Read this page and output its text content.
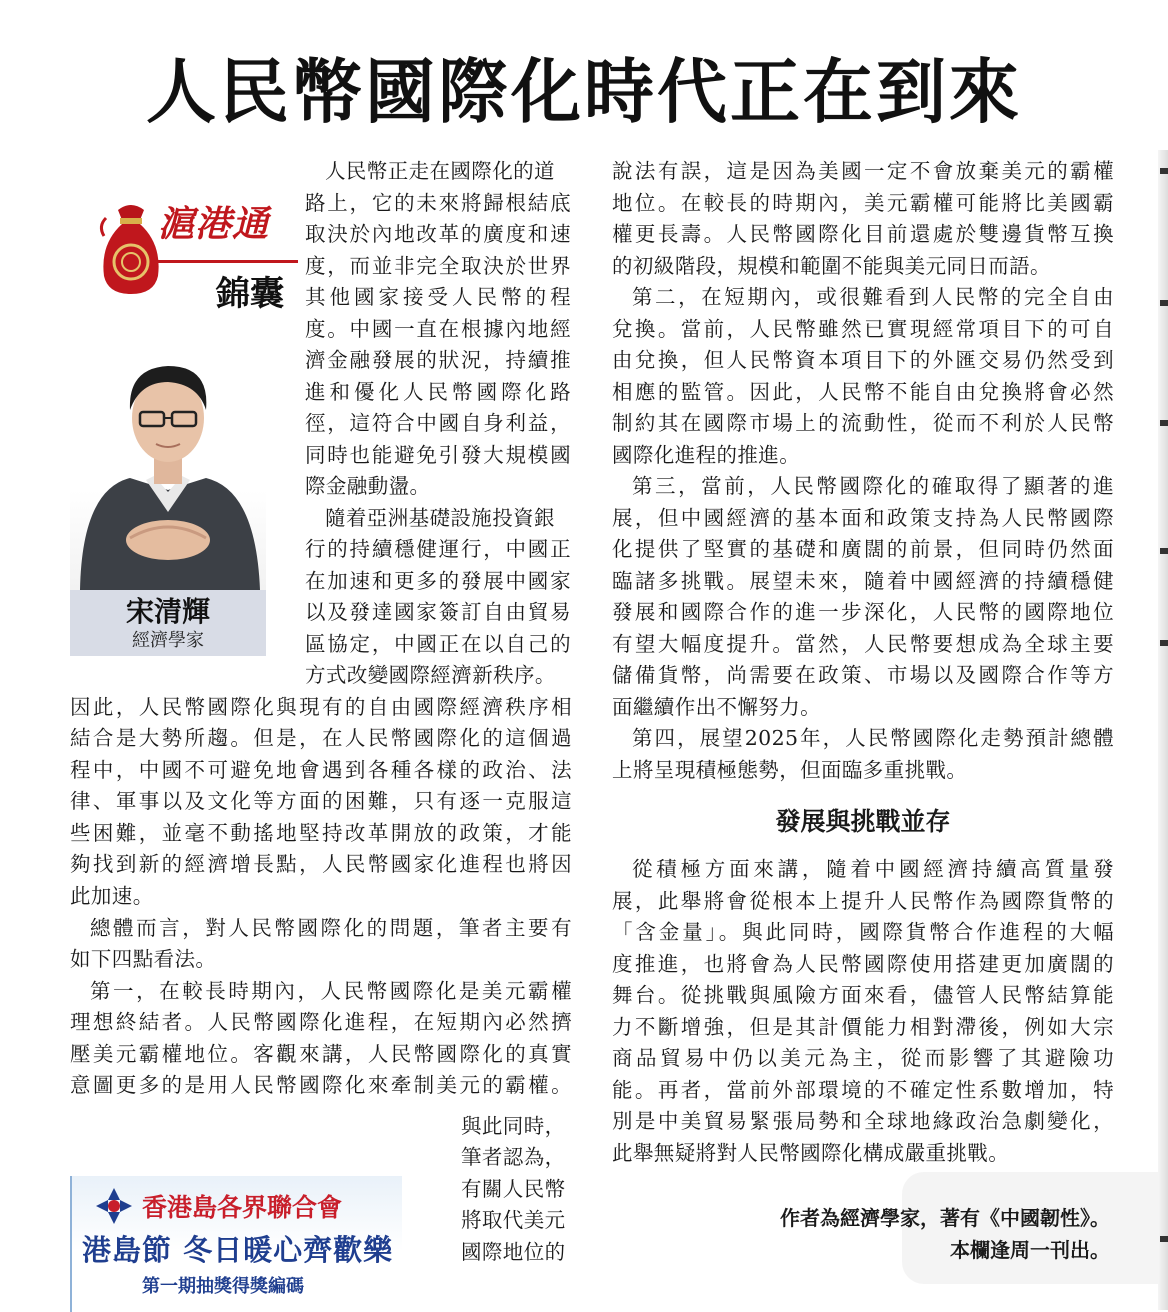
人民幣國際化時代正在到來
滬港通
錦囊
宋清輝
經濟學家
人民幣正走在國際化的道
路上，它的未來將歸根結底
取決於內地改革的廣度和速
度，而並非完全取決於世界
其他國家接受人民幣的程
度。中國一直在根據內地經
濟金融發展的狀況，持續推
進和優化人民幣國際化路
徑，這符合中國自身利益，
同時也能避免引發大規模國
際金融動盪。
隨着亞洲基礎設施投資銀
行的持續穩健運行，中國正
在加速和更多的發展中國家
以及發達國家簽訂自由貿易
區協定，中國正在以自己的
方式改變國際經濟新秩序。
因此，人民幣國際化與現有的自由國際經濟秩序相
結合是大勢所趨。但是，在人民幣國際化的這個過
程中，中國不可避免地會遇到各種各樣的政治、法
律、軍事以及文化等方面的困難，只有逐一克服這
些困難，並毫不動搖地堅持改革開放的政策，才能
夠找到新的經濟增長點，人民幣國家化進程也將因
此加速。
總體而言，對人民幣國際化的問題，筆者主要有
如下四點看法。
第一，在較長時期內，人民幣國際化是美元霸權
理想終結者。人民幣國際化進程，在短期內必然擠
壓美元霸權地位。客觀來講，人民幣國際化的真實
意圖更多的是用人民幣國際化來牽制美元的霸權。
與此同時，
筆者認為，
有關人民幣
將取代美元
國際地位的
香港島各界聯合會
港島節 冬日暖心齊歡樂
第一期抽獎得獎編碼
說法有誤，這是因為美國一定不會放棄美元的霸權
地位。在較長的時期內，美元霸權可能將比美國霸
權更長壽。人民幣國際化目前還處於雙邊貨幣互換
的初級階段，規模和範圍不能與美元同日而語。
第二，在短期內，或很難看到人民幣的完全自由
兌換。當前，人民幣雖然已實現經常項目下的可自
由兌換，但人民幣資本項目下的外匯交易仍然受到
相應的監管。因此，人民幣不能自由兌換將會必然
制約其在國際市場上的流動性，從而不利於人民幣
國際化進程的推進。
第三，當前，人民幣國際化的確取得了顯著的進
展，但中國經濟的基本面和政策支持為人民幣國際
化提供了堅實的基礎和廣闊的前景，但同時仍然面
臨諸多挑戰。展望未來，隨着中國經濟的持續穩健
發展和國際合作的進一步深化，人民幣的國際地位
有望大幅度提升。當然，人民幣要想成為全球主要
儲備貨幣，尚需要在政策、市場以及國際合作等方
面繼續作出不懈努力。
第四，展望2025年，人民幣國際化走勢預計總體
上將呈現積極態勢，但面臨多重挑戰。
發展與挑戰並存
從積極方面來講，隨着中國經濟持續高質量發
展，此舉將會從根本上提升人民幣作為國際貨幣的
「含金量」。與此同時，國際貨幣合作進程的大幅
度推進，也將會為人民幣國際使用搭建更加廣闊的
舞台。從挑戰與風險方面來看，儘管人民幣結算能
力不斷增強，但是其計價能力相對滯後，例如大宗
商品貿易中仍以美元為主，從而影響了其避險功
能。再者，當前外部環境的不確定性系數增加，特
別是中美貿易緊張局勢和全球地緣政治急劇變化，
此舉無疑將對人民幣國際化構成嚴重挑戰。
作者為經濟學家，著有《中國韌性》。
本欄逢周一刊出。
